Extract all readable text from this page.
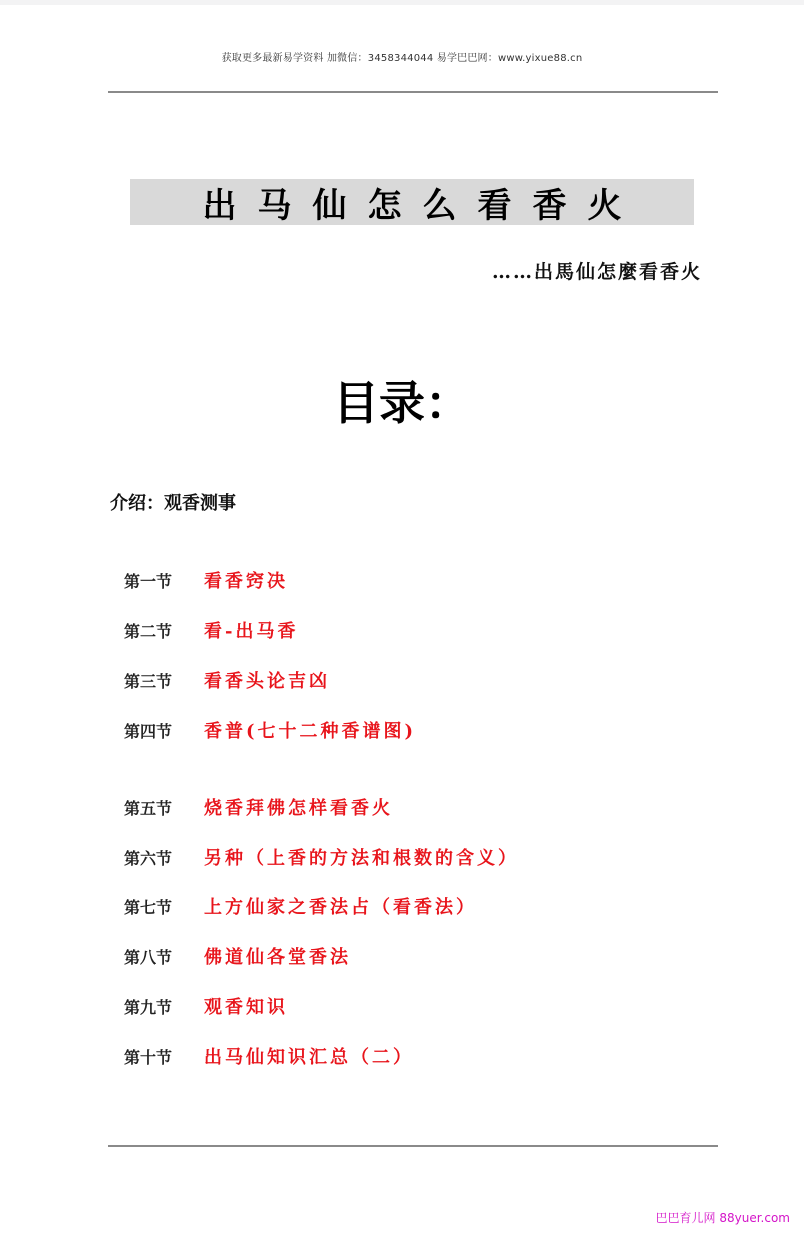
获取更多最新易学资料 加微信：3458344044 易学巴巴网：www.yixue88.cn
出马仙怎么看香火
……出馬仙怎麼看香火
目录：
介绍：观香测事
第一节	看香窍决
第二节	看-出马香
第三节	看香头论吉凶
第四节	香普(七十二种香谱图)
第五节	烧香拜佛怎样看香火
第六节	另种（上香的方法和根数的含义）
第七节	上方仙家之香法占（看香法）
第八节	佛道仙各堂香法
第九节	观香知识
第十节	出马仙知识汇总（二）
巴巴育儿网 88yuer.com
